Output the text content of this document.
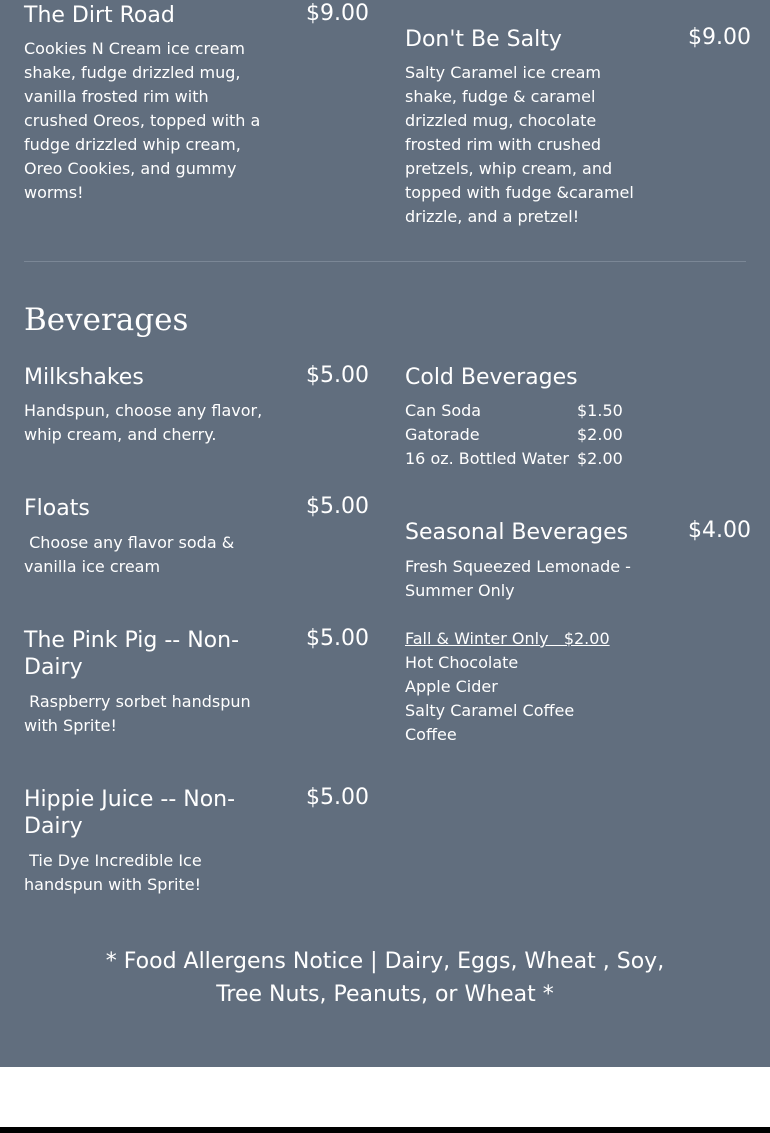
The Dirt Road	$9.00
Cookies N Cream ice cream shake, fudge drizzled mug, vanilla frosted rim with crushed Oreos, topped with a fudge drizzled whip cream, Oreo Cookies, and gummy worms!
Don't Be Salty	$9.00
Salty Caramel ice cream shake, fudge & caramel drizzled mug, chocolate frosted rim with crushed pretzels, whip cream, and topped with fudge &caramel drizzle, and a pretzel!
Beverages
Milkshakes	$5.00
Handspun, choose any flavor, whip cream, and cherry.
Floats	$5.00
Choose any flavor soda & vanilla ice cream
The Pink Pig -- Non-Dairy
$5.00
Raspberry sorbet handspun with Sprite!
Hippie Juice -- Non-Dairy
$5.00
Tie Dye Incredible Ice handspun with Sprite!
Cold Beverages
Can Soda	$1.50
Gatorade	$2.00
16 oz. Bottled Water $2.00
Seasonal Beverages	$4.00
Fresh Squeezed Lemonade - Summer Only
Fall & Winter Only   $2.00
Hot Chocolate
Apple Cider
Salty Caramel Coffee
Coffee
* Food Allergens Notice | Dairy, Eggs, Wheat , Soy, Tree Nuts, Peanuts, or Wheat *
